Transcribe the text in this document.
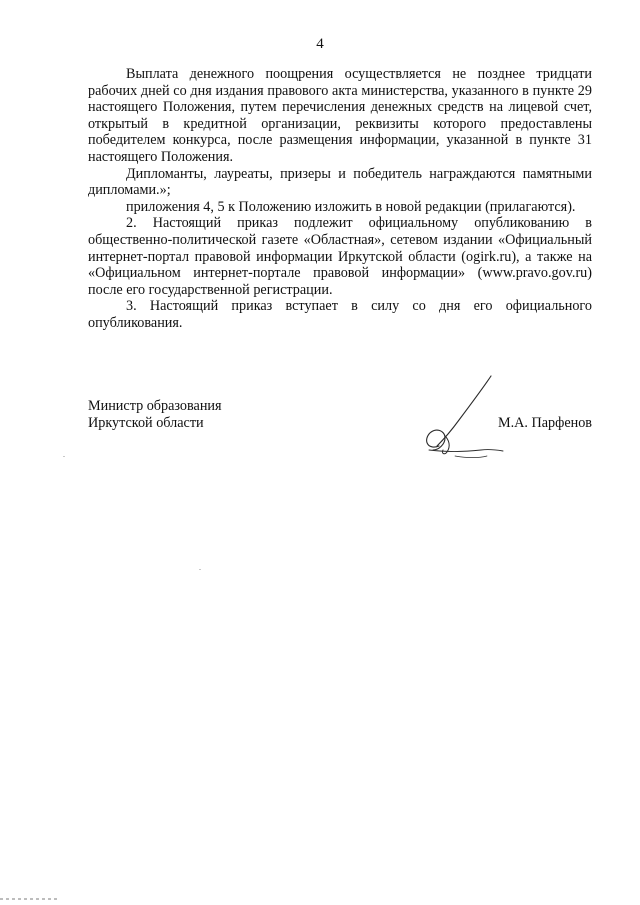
4

Выплата денежного поощрения осуществляется не позднее тридцати рабочих дней со дня издания правового акта министерства, указанного в пункте 29 настоящего Положения, путем перечисления денежных средств на лицевой счет, открытый в кредитной организации, реквизиты которого предоставлены победителем конкурса, после размещения информации, указанной в пункте 31 настоящего Положения.

Дипломанты, лауреаты, призеры и победитель награждаются памятными дипломами.»;

приложения 4, 5 к Положению изложить в новой редакции (прилагаются).

2. Настоящий приказ подлежит официальному опубликованию в общественно-политической газете «Областная», сетевом издании «Официальный интернет-портал правовой информации Иркутской области (ogirk.ru), а также на «Официальном интернет-портале правовой информации» (www.pravo.gov.ru) после его государственной регистрации.

3. Настоящий приказ вступает в силу со дня его официального опубликования.

Министр образования
Иркутской области	М.А. Парфенов
